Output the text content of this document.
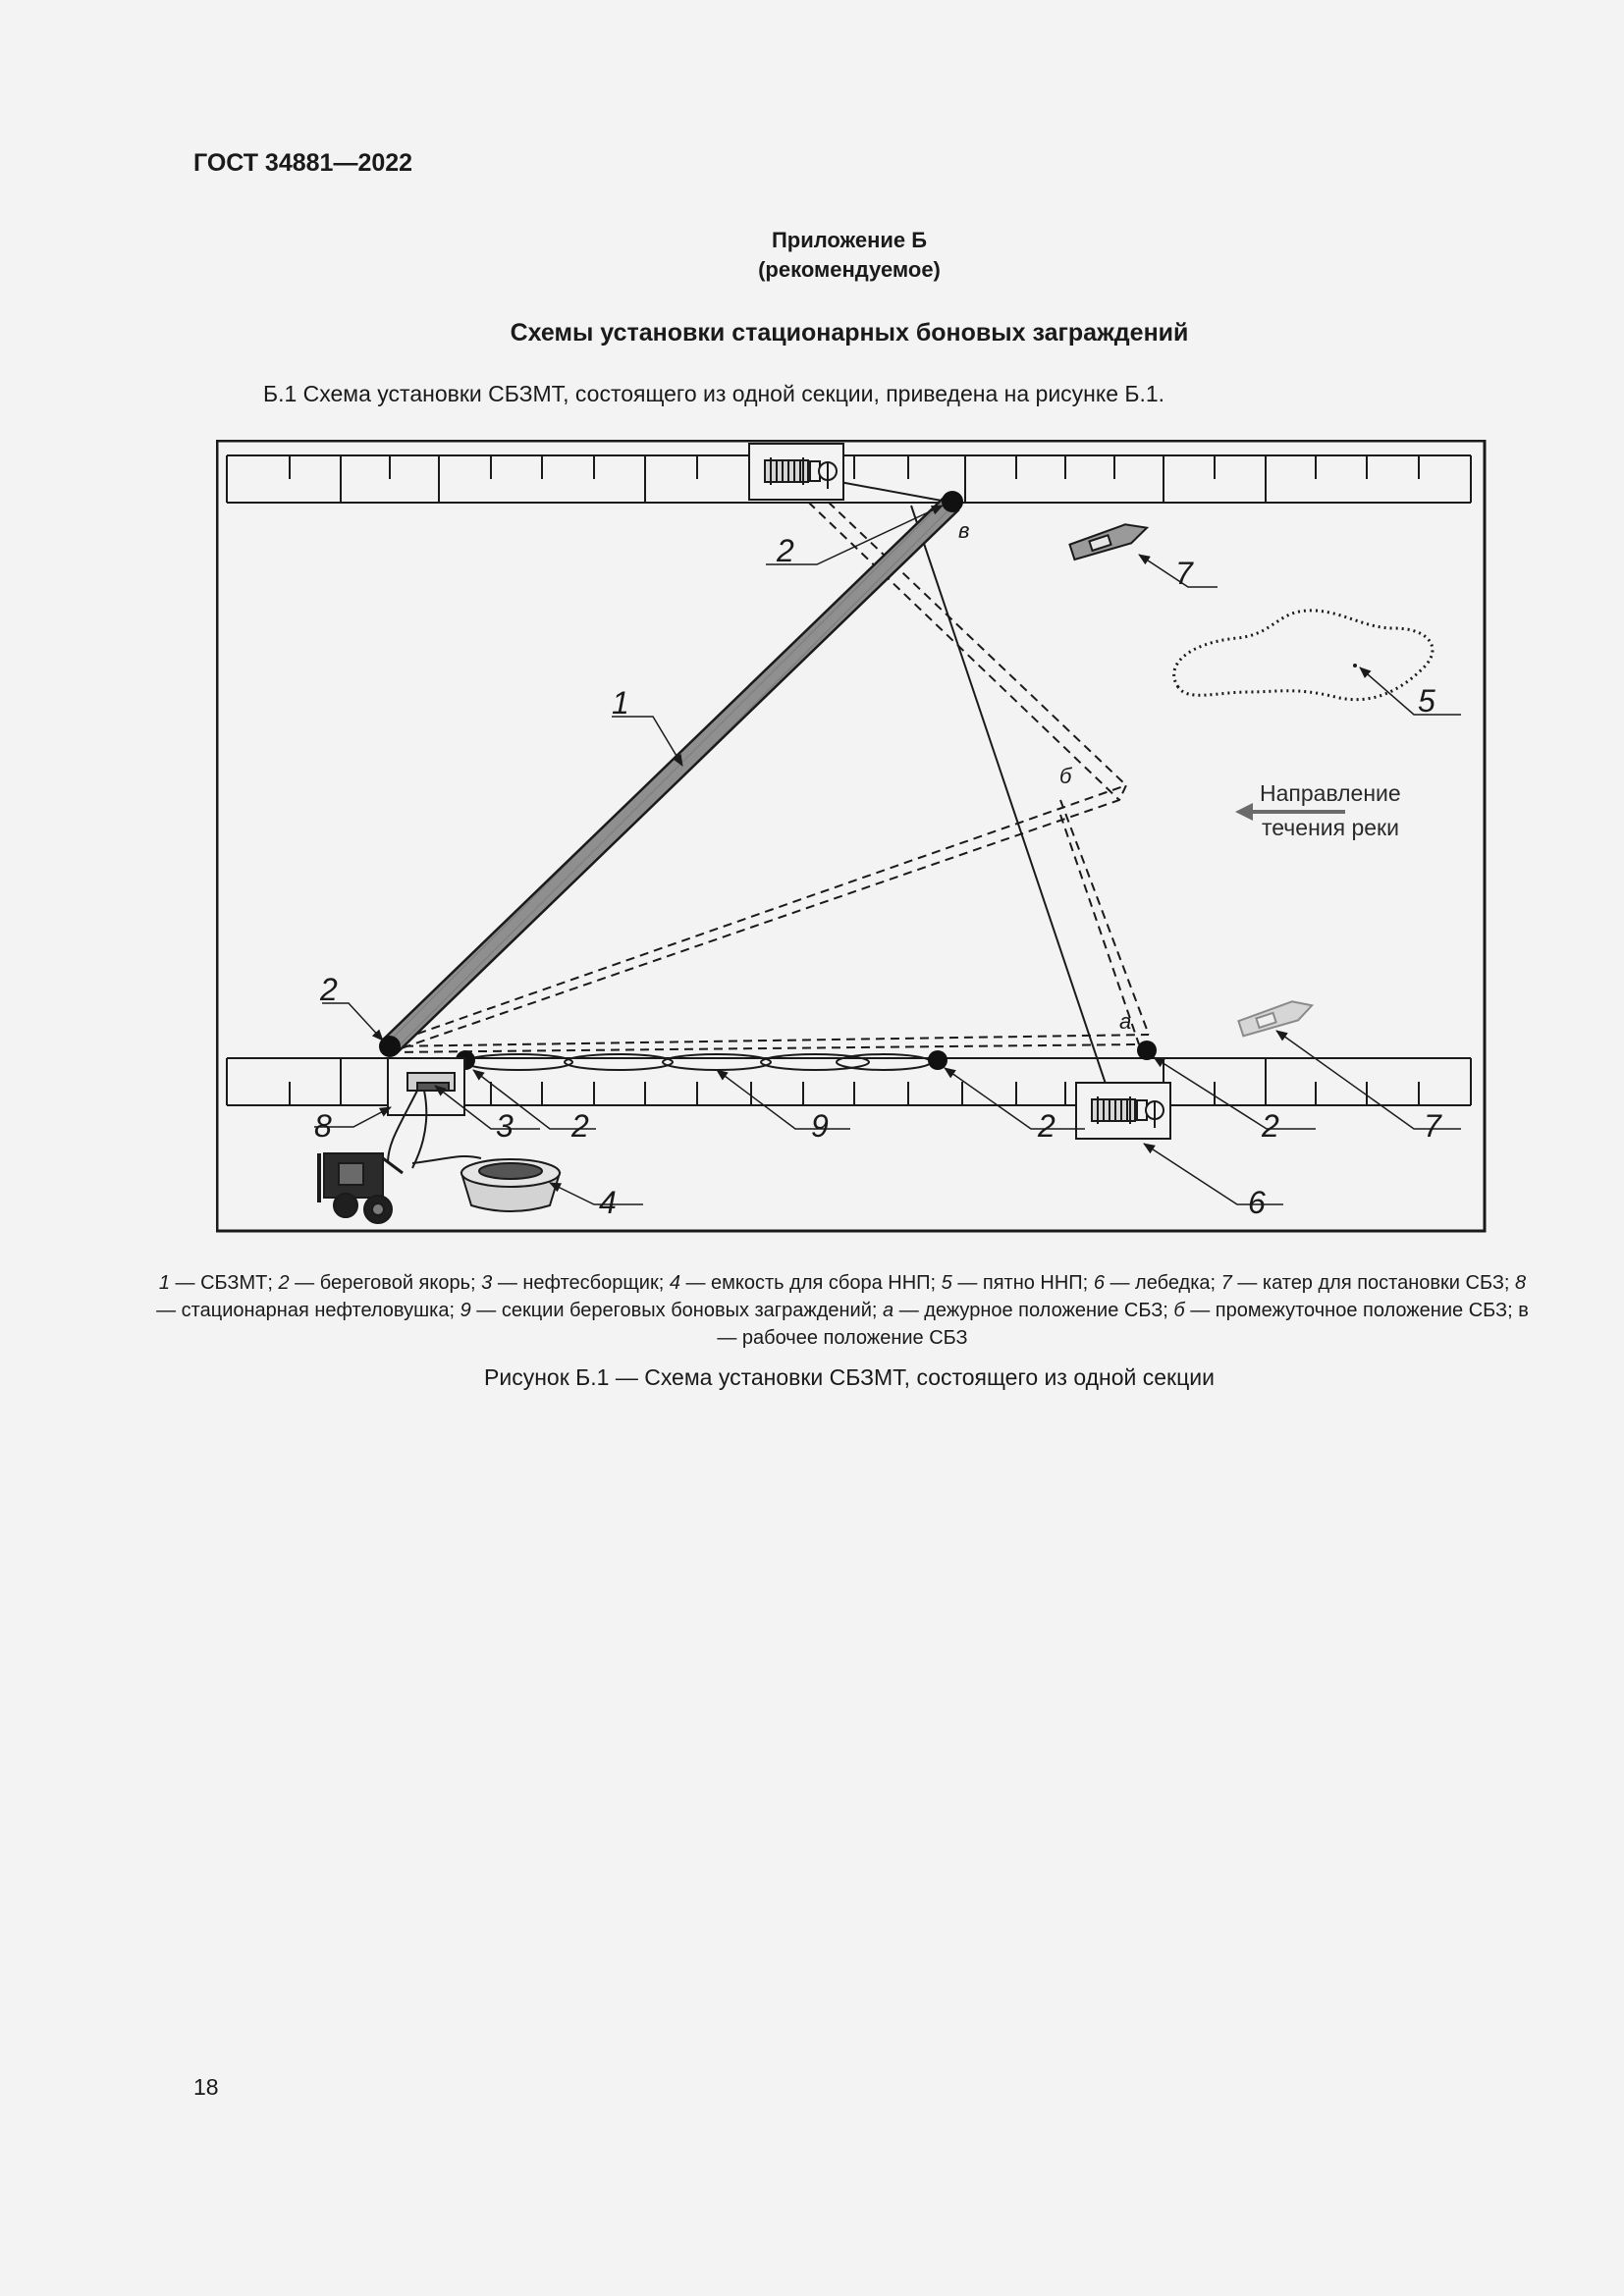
ГОСТ 34881—2022
Приложение Б
(рекомендуемое)
Схемы установки стационарных боновых заграждений
Б.1 Схема установки СБЗМТ, состоящего из одной секции, приведена на рисунке Б.1.
Направление
течения реки
2
7
1	5
2
8	3 2	9	2	2	7
4	6
в
б
а
1 — СБЗМТ; 2 — береговой якорь; 3 — нефтесборщик; 4 — емкость для сбора ННП; 5 — пятно ННП; 6 — лебедка; 7 — катер для постановки СБЗ; 8 — стационарная нефтеловушка; 9 — секции береговых боновых заграждений; а — дежурное положение СБЗ; б — промежуточное положение СБЗ; в — рабочее положение СБЗ
Рисунок Б.1 — Схема установки СБЗМТ, состоящего из одной секции
18
